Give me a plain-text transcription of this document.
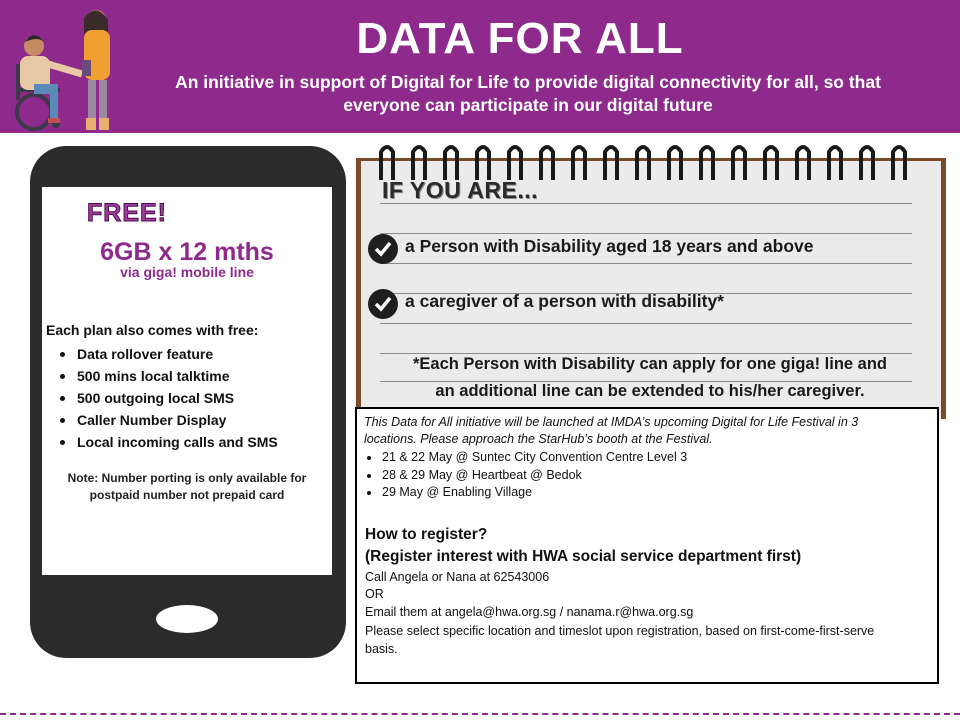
DATA FOR ALL
An initiative in support of Digital for Life to provide digital connectivity for all, so that
everyone can participate in our digital future
FREE!
6GB x 12 mths
via giga! mobile line
Each plan also comes with free:
Data rollover feature
500 mins local talktime
500 outgoing local SMS
Caller Number Display
Local incoming calls and SMS
Note: Number porting is only available for
postpaid number not prepaid card
IF YOU ARE...
a Person with Disability aged 18 years and above
a caregiver of a person with disability*
*Each Person with Disability can apply for one giga! line and
an additional line can be extended to his/her caregiver.
This Data for All initiative will be launched at IMDA’s upcoming Digital for Life Festival in 3
locations. Please approach the StarHub’s booth at the Festival.
21 & 22 May @ Suntec City Convention Centre Level 3
28 & 29 May @ Heartbeat @ Bedok
29 May @ Enabling Village
How to register?
(Register interest with HWA social service department first)
Call Angela or Nana at 62543006
OR
Email them at angela@hwa.org.sg / nanama.r@hwa.org.sg
Please select specific location and timeslot upon registration, based on first-come-first-serve
basis.
